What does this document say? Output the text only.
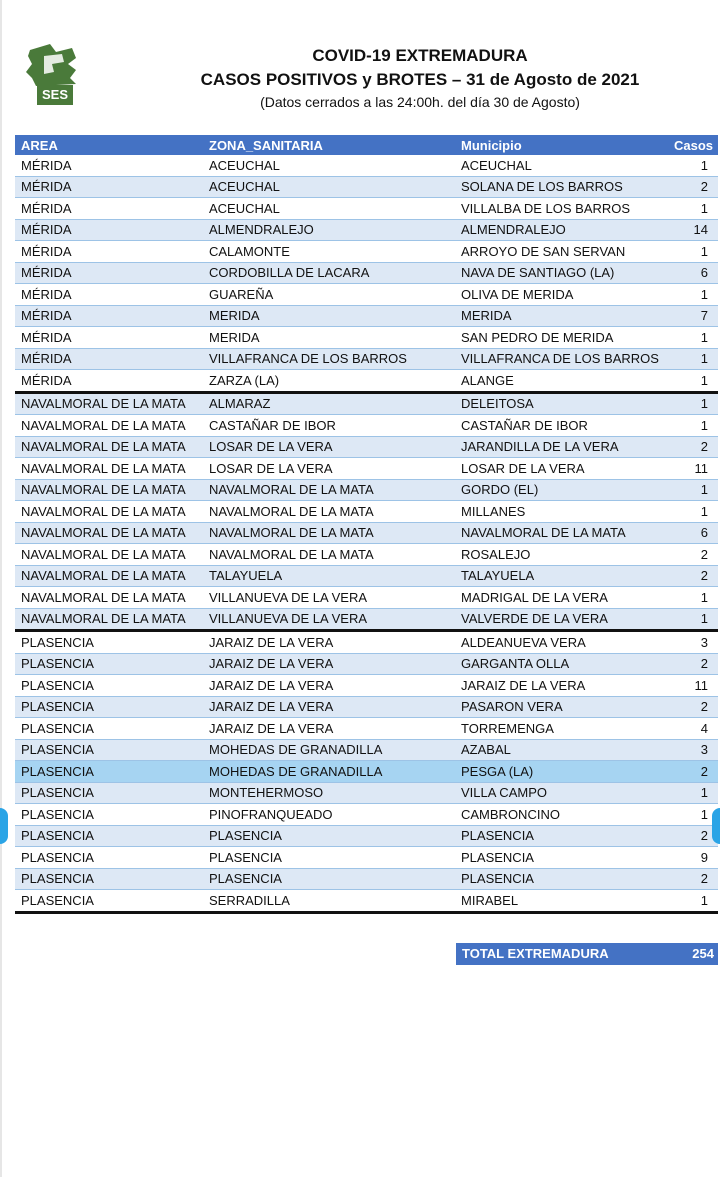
SES
COVID-19 EXTREMADURA
CASOS POSITIVOS y BROTES – 31 de Agosto de 2021
(Datos cerrados a las 24:00h. del día 30 de Agosto)
AREA	ZONA_SANITARIA	Municipio	Casos
MÉRIDA	ACEUCHAL	ACEUCHAL	1
MÉRIDA	ACEUCHAL	SOLANA DE LOS BARROS	2
MÉRIDA	ACEUCHAL	VILLALBA DE LOS BARROS	1
MÉRIDA	ALMENDRALEJO	ALMENDRALEJO	14
MÉRIDA	CALAMONTE	ARROYO DE SAN SERVAN	1
MÉRIDA	CORDOBILLA DE LACARA	NAVA DE SANTIAGO (LA)	6
MÉRIDA	GUAREÑA	OLIVA DE MERIDA	1
MÉRIDA	MERIDA	MERIDA	7
MÉRIDA	MERIDA	SAN PEDRO DE MERIDA	1
MÉRIDA	VILLAFRANCA DE LOS BARROS	VILLAFRANCA DE LOS BARROS	1
MÉRIDA	ZARZA (LA)	ALANGE	1
NAVALMORAL DE LA MATA	ALMARAZ	DELEITOSA	1
NAVALMORAL DE LA MATA	CASTAÑAR DE IBOR	CASTAÑAR DE IBOR	1
NAVALMORAL DE LA MATA	LOSAR DE LA VERA	JARANDILLA DE LA VERA	2
NAVALMORAL DE LA MATA	LOSAR DE LA VERA	LOSAR DE LA VERA	11
NAVALMORAL DE LA MATA	NAVALMORAL DE LA MATA	GORDO (EL)	1
NAVALMORAL DE LA MATA	NAVALMORAL DE LA MATA	MILLANES	1
NAVALMORAL DE LA MATA	NAVALMORAL DE LA MATA	NAVALMORAL DE LA MATA	6
NAVALMORAL DE LA MATA	NAVALMORAL DE LA MATA	ROSALEJO	2
NAVALMORAL DE LA MATA	TALAYUELA	TALAYUELA	2
NAVALMORAL DE LA MATA	VILLANUEVA DE LA VERA	MADRIGAL DE LA VERA	1
NAVALMORAL DE LA MATA	VILLANUEVA DE LA VERA	VALVERDE DE LA VERA	1
PLASENCIA	JARAIZ DE LA VERA	ALDEANUEVA VERA	3
PLASENCIA	JARAIZ DE LA VERA	GARGANTA OLLA	2
PLASENCIA	JARAIZ DE LA VERA	JARAIZ DE LA VERA	11
PLASENCIA	JARAIZ DE LA VERA	PASARON VERA	2
PLASENCIA	JARAIZ DE LA VERA	TORREMENGA	4
PLASENCIA	MOHEDAS DE GRANADILLA	AZABAL	3
PLASENCIA	MOHEDAS DE GRANADILLA	PESGA (LA)	2
PLASENCIA	MONTEHERMOSO	VILLA CAMPO	1
PLASENCIA	PINOFRANQUEADO	CAMBRONCINO	1
PLASENCIA	PLASENCIA	PLASENCIA	2
PLASENCIA	PLASENCIA	PLASENCIA	9
PLASENCIA	PLASENCIA	PLASENCIA	2
PLASENCIA	SERRADILLA	MIRABEL	1
TOTAL EXTREMADURA	254
